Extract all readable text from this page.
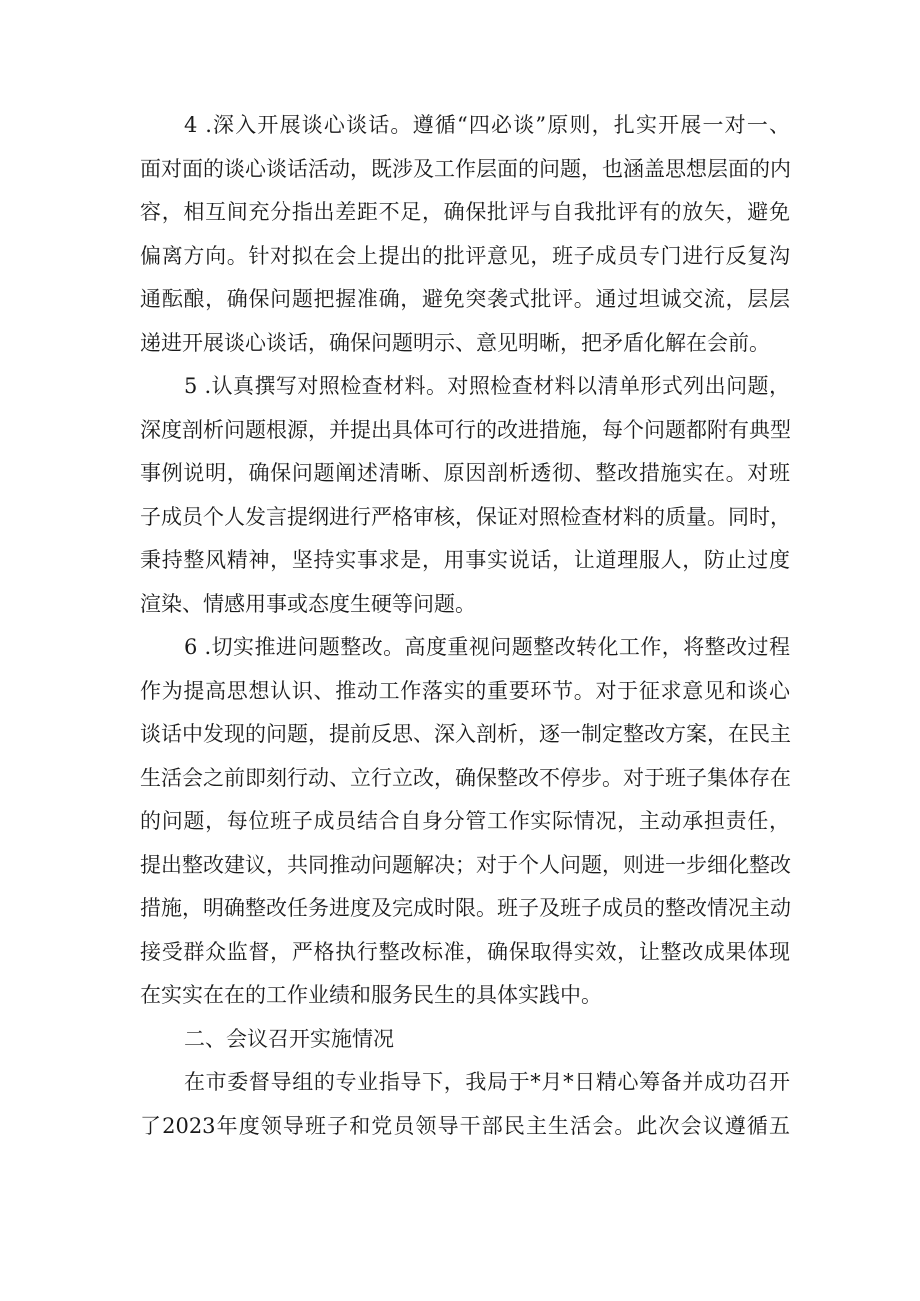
4 .深入开展谈心谈话。遵循“四必谈”原则，扎实开展一对一、
面对面的谈心谈话活动，既涉及工作层面的问题，也涵盖思想层面的内
容，相互间充分指出差距不足，确保批评与自我批评有的放矢，避免
偏离方向。针对拟在会上提出的批评意见，班子成员专门进行反复沟
通酝酿，确保问题把握准确，避免突袭式批评。通过坦诚交流，层层
递进开展谈心谈话，确保问题明示、意见明晰，把矛盾化解在会前。
5 .认真撰写对照检查材料。对照检查材料以清单形式列出问题，
深度剖析问题根源，并提出具体可行的改进措施，每个问题都附有典型
事例说明，确保问题阐述清晰、原因剖析透彻、整改措施实在。对班
子成员个人发言提纲进行严格审核，保证对照检查材料的质量。同时，
秉持整风精神，坚持实事求是，用事实说话，让道理服人，防止过度
渲染、情感用事或态度生硬等问题。
6 .切实推进问题整改。高度重视问题整改转化工作，将整改过程
作为提高思想认识、推动工作落实的重要环节。对于征求意见和谈心
谈话中发现的问题，提前反思、深入剖析，逐一制定整改方案，在民主
生活会之前即刻行动、立行立改，确保整改不停步。对于班子集体存在
的问题，每位班子成员结合自身分管工作实际情况，主动承担责任，
提出整改建议，共同推动问题解决；对于个人问题，则进一步细化整改
措施，明确整改任务进度及完成时限。班子及班子成员的整改情况主动
接受群众监督，严格执行整改标准，确保取得实效，让整改成果体现
在实实在在的工作业绩和服务民生的具体实践中。
二、会议召开实施情况
在市委督导组的专业指导下，我局于*月*日精心筹备并成功召开
了2023年度领导班子和党员领导干部民主生活会。此次会议遵循五
